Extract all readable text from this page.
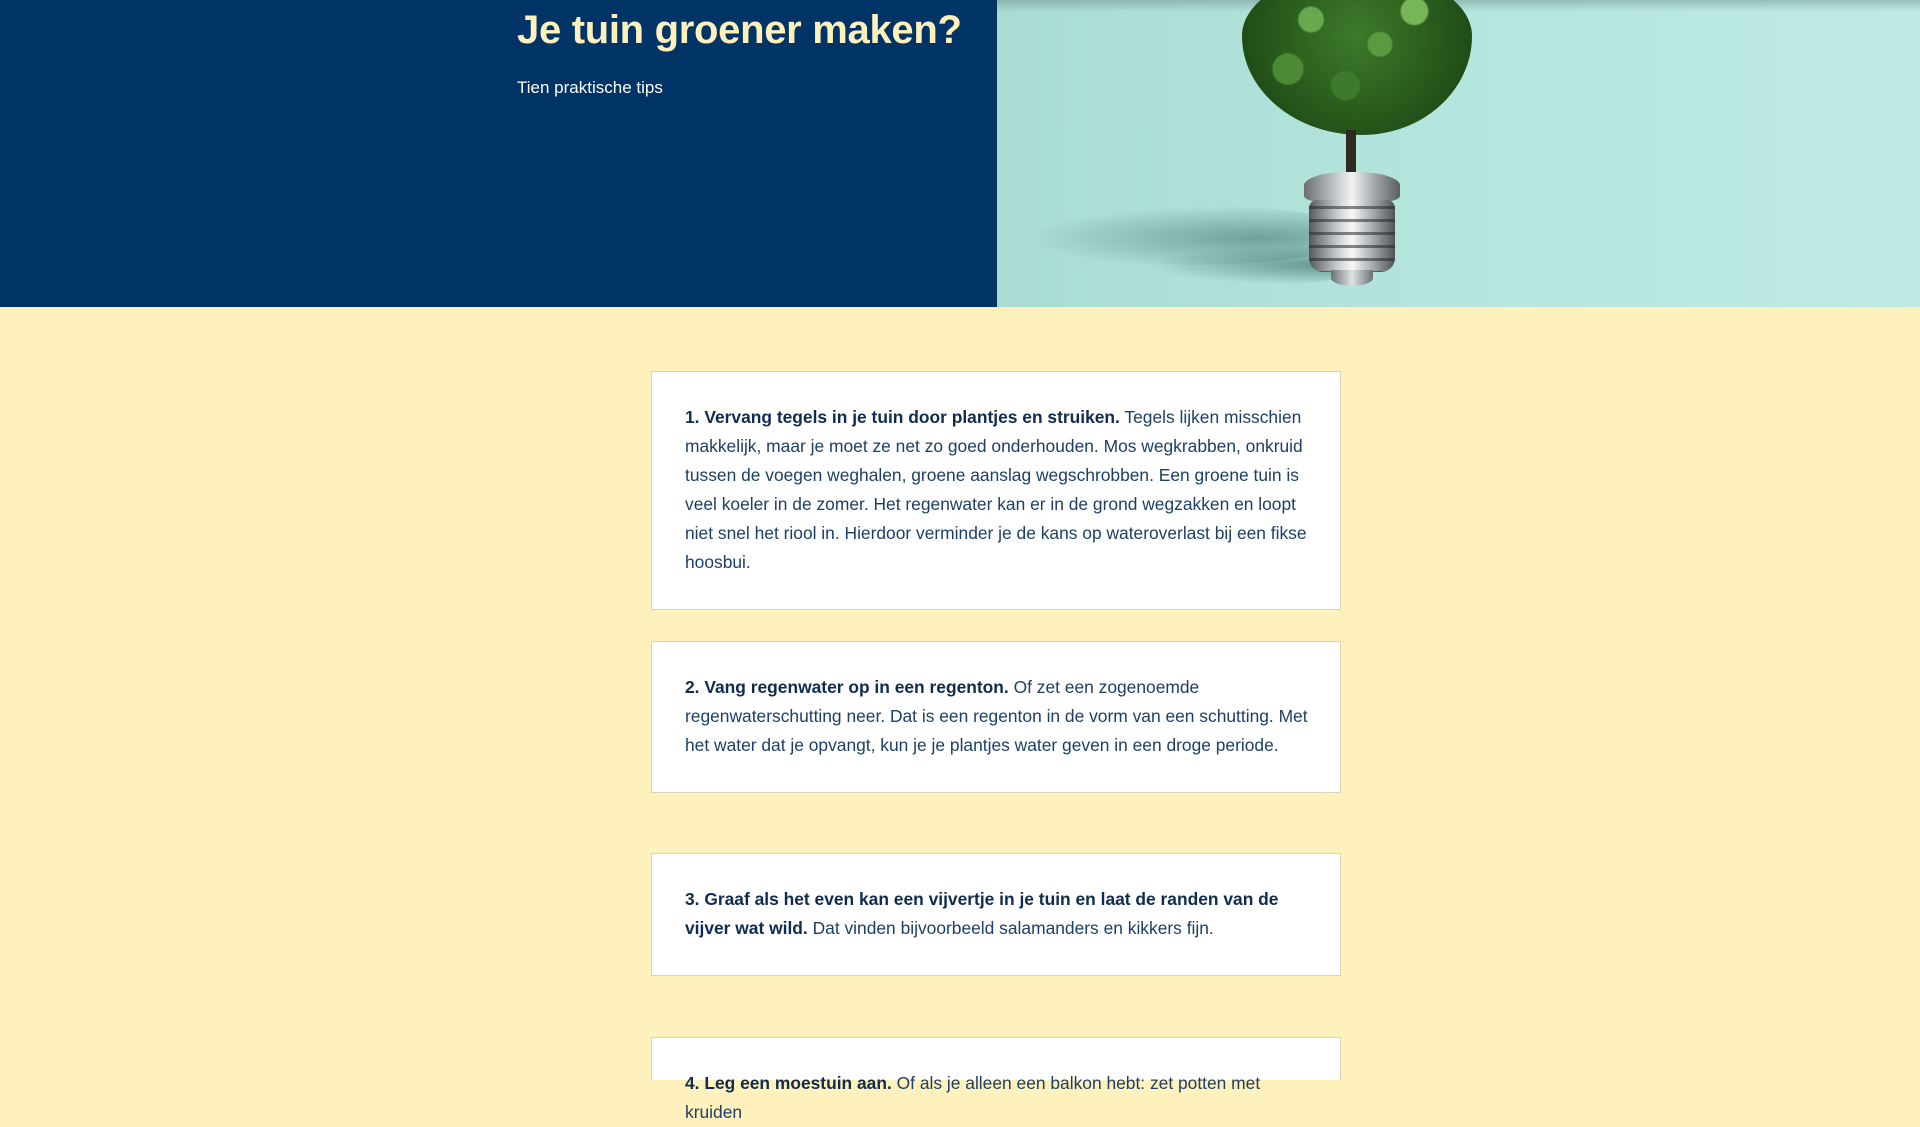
Je tuin groener maken?
Tien praktische tips

1. Vervang tegels in je tuin door plantjes en struiken. Tegels lijken misschien makkelijk, maar je moet ze net zo goed onderhouden. Mos wegkrabben, onkruid tussen de voegen weghalen, groene aanslag wegschrobben. Een groene tuin is veel koeler in de zomer. Het regenwater kan er in de grond wegzakken en loopt niet snel het riool in. Hierdoor verminder je de kans op wateroverlast bij een fikse hoosbui.

2. Vang regenwater op in een regenton. Of zet een zogenoemde regenwaterschutting neer. Dat is een regenton in de vorm van een schutting. Met het water dat je opvangt, kun je je plantjes water geven in een droge periode.

3. Graaf als het even kan een vijvertje in je tuin en laat de randen van de vijver wat wild. Dat vinden bijvoorbeeld salamanders en kikkers fijn.

4. Leg een moestuin aan. Of als je alleen een balkon hebt: zet potten met kruiden
